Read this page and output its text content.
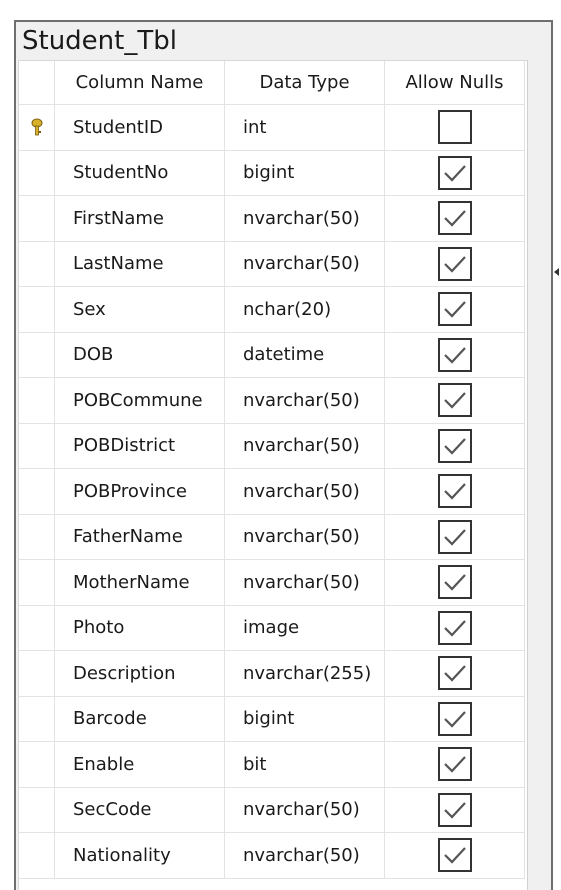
Student_Tbl
Column Name	Data Type	Allow Nulls
StudentID	int
StudentNo	bigint
FirstName	nvarchar(50)
LastName	nvarchar(50)
Sex	nchar(20)
DOB	datetime
POBCommune	nvarchar(50)
POBDistrict	nvarchar(50)
POBProvince	nvarchar(50)
FatherName	nvarchar(50)
MotherName	nvarchar(50)
Photo	image
Description	nvarchar(255)
Barcode	bigint
Enable	bit
SecCode	nvarchar(50)
Nationality	nvarchar(50)
